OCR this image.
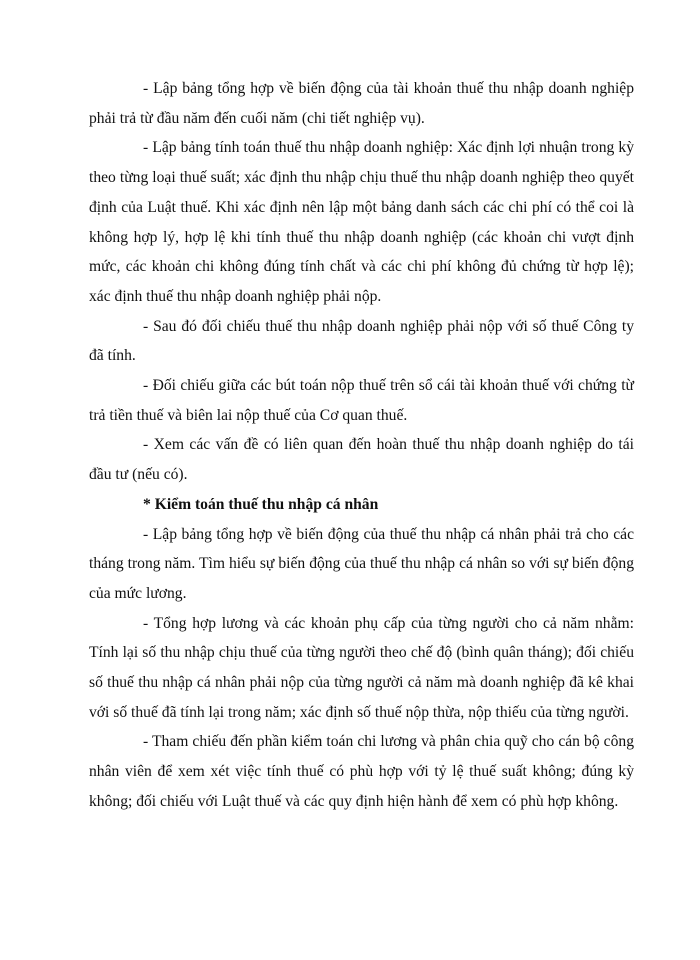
- Lập bảng tổng hợp về biến động của tài khoản thuế thu nhập doanh nghiệp phải trả từ đầu năm đến cuối năm (chi tiết nghiệp vụ).

- Lập bảng tính toán thuế thu nhập doanh nghiệp: Xác định lợi nhuận trong kỳ theo từng loại thuế suất; xác định thu nhập chịu thuế thu nhập doanh nghiệp theo quyết định của Luật thuế. Khi xác định nên lập một bảng danh sách các chi phí có thể coi là không hợp lý, hợp lệ khi tính thuế thu nhập doanh nghiệp (các khoản chi vượt định mức, các khoản chi không đúng tính chất và các chi phí không đủ chứng từ hợp lệ); xác định thuế thu nhập doanh nghiệp phải nộp.

- Sau đó đối chiếu thuế thu nhập doanh nghiệp phải nộp với số thuế Công ty đã tính.

- Đối chiếu giữa các bút toán nộp thuế trên sổ cái tài khoản thuế với chứng từ trả tiền thuế và biên lai nộp thuế của Cơ quan thuế.

- Xem các vấn đề có liên quan đến hoàn thuế thu nhập doanh nghiệp do tái đầu tư (nếu có).

* Kiểm toán thuế thu nhập cá nhân

- Lập bảng tổng hợp về biến động của thuế thu nhập cá nhân phải trả cho các tháng trong năm. Tìm hiểu sự biến động của thuế thu nhập cá nhân so với sự biến động của mức lương.

- Tổng hợp lương và các khoản phụ cấp của từng người cho cả năm nhằm: Tính lại số thu nhập chịu thuế của từng người theo chế độ (bình quân tháng); đối chiếu số thuế thu nhập cá nhân phải nộp của từng người cả năm mà doanh nghiệp đã kê khai với số thuế đã tính lại trong năm; xác định số thuế nộp thừa, nộp thiếu của từng người.

- Tham chiếu đến phần kiểm toán chi lương và phân chia quỹ cho cán bộ công nhân viên để xem xét việc tính thuế có phù hợp với tỷ lệ thuế suất không; đúng kỳ không; đối chiếu với Luật thuế và các quy định hiện hành để xem có phù hợp không.
